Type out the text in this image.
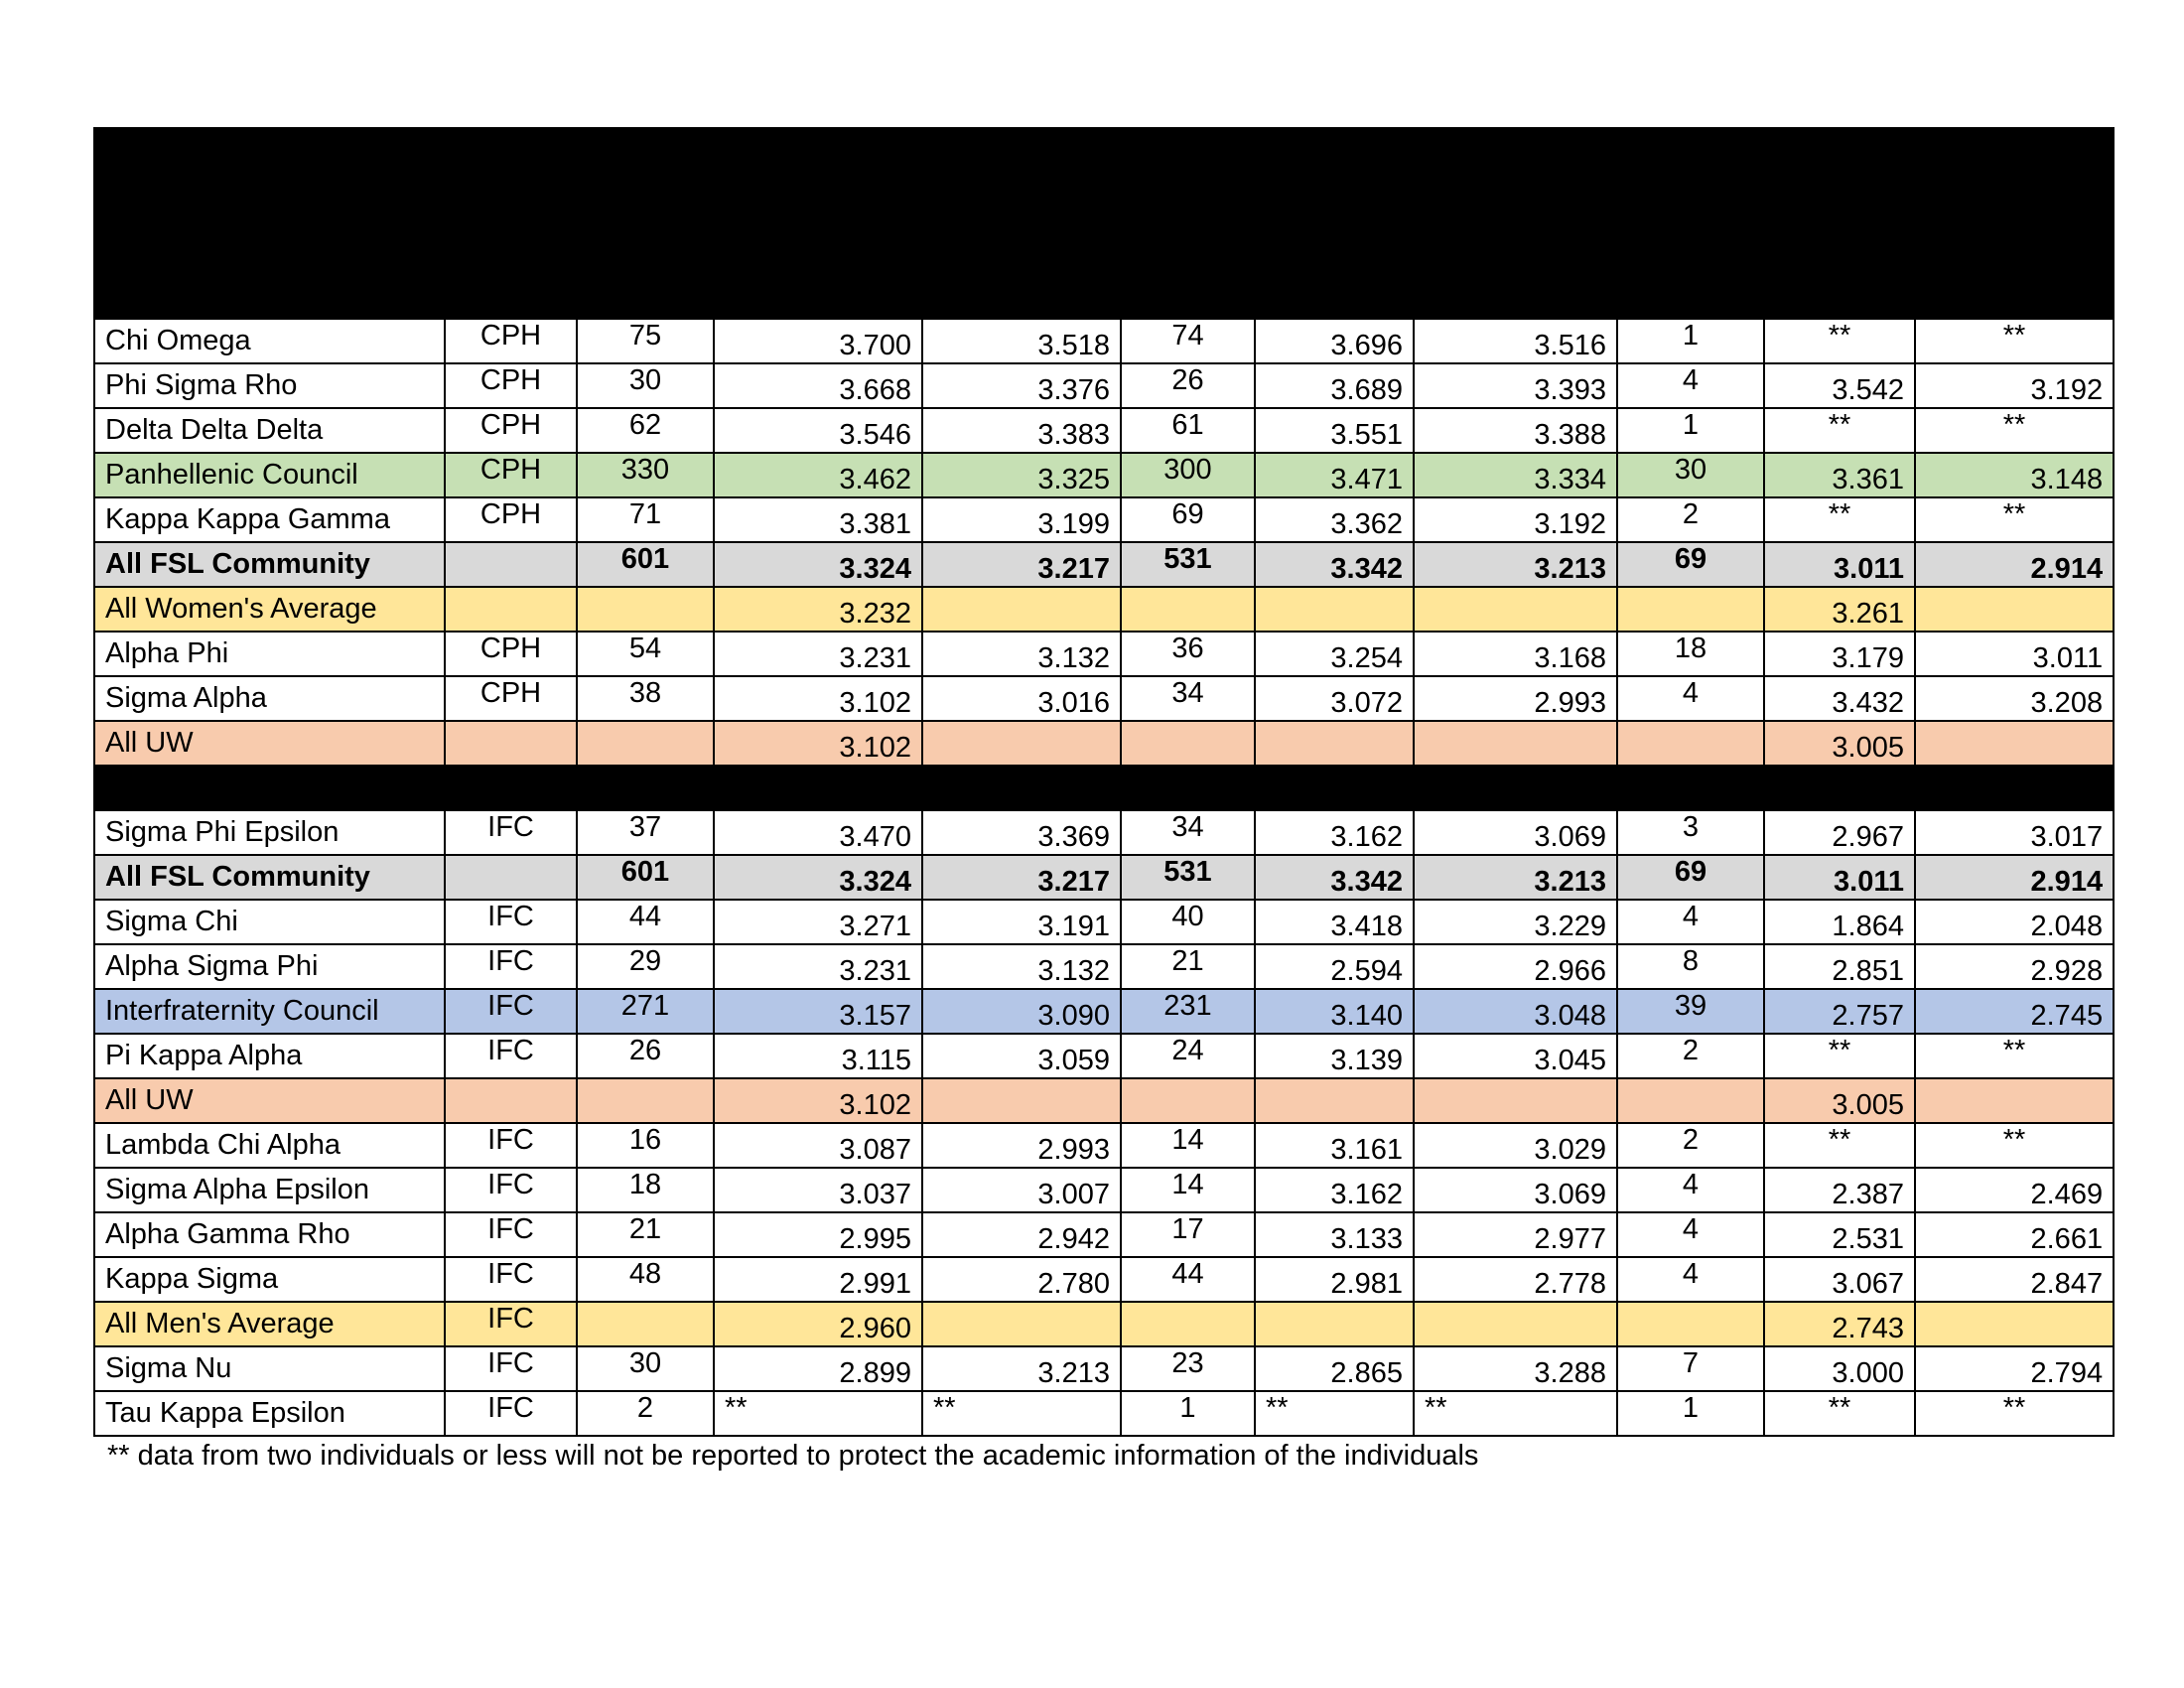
Spring 2020 Academic Report for Fraternity & Sorority Life										

Chapter	Council	Size	*Full Chapter
Semester	Full Chapter
Cumulative	Active
Size	Active
Sem GPA	Active
Cumul. GPA	NM Size	NM Sem
GPA	NM
Cumul. GPA

Chi Omega	CPH	75	3.700	3.518	74	3.696	3.516	1	**	**
Phi Sigma Rho	CPH	30	3.668	3.376	26	3.689	3.393	4	3.542	3.192
Delta Delta Delta	CPH	62	3.546	3.383	61	3.551	3.388	1	**	**
Panhellenic Council	CPH	330	3.462	3.325	300	3.471	3.334	30	3.361	3.148
Kappa Kappa Gamma	CPH	71	3.381	3.199	69	3.362	3.192	2	**	**
All FSL Community		601	3.324	3.217	531	3.342	3.213	69	3.011	2.914
All Women's Average			3.232						3.261	
Alpha Phi	CPH	54	3.231	3.132	36	3.254	3.168	18	3.179	3.011
Sigma Alpha	CPH	38	3.102	3.016	34	3.072	2.993	4	3.432	3.208
All UW			3.102						3.005	

Sigma Phi Epsilon	IFC	37	3.470	3.369	34	3.162	3.069	3	2.967	3.017
All FSL Community		601	3.324	3.217	531	3.342	3.213	69	3.011	2.914
Sigma Chi	IFC	44	3.271	3.191	40	3.418	3.229	4	1.864	2.048
Alpha Sigma Phi	IFC	29	3.231	3.132	21	2.594	2.966	8	2.851	2.928
Interfraternity Council	IFC	271	3.157	3.090	231	3.140	3.048	39	2.757	2.745
Pi Kappa Alpha	IFC	26	3.115	3.059	24	3.139	3.045	2	**	**
All UW			3.102						3.005	
Lambda Chi Alpha	IFC	16	3.087	2.993	14	3.161	3.029	2	**	**
Sigma Alpha Epsilon	IFC	18	3.037	3.007	14	3.162	3.069	4	2.387	2.469
Alpha Gamma Rho	IFC	21	2.995	2.942	17	3.133	2.977	4	2.531	2.661
Kappa Sigma	IFC	48	2.991	2.780	44	2.981	2.778	4	3.067	2.847
All Men's Average	IFC		2.960						2.743	
Sigma Nu	IFC	30	2.899	3.213	23	2.865	3.288	7	3.000	2.794
Tau Kappa Epsilon	IFC	2	**	**	1	**	**	1	**	**
** data from two individuals or less will not be reported to protect the academic information of the individuals
